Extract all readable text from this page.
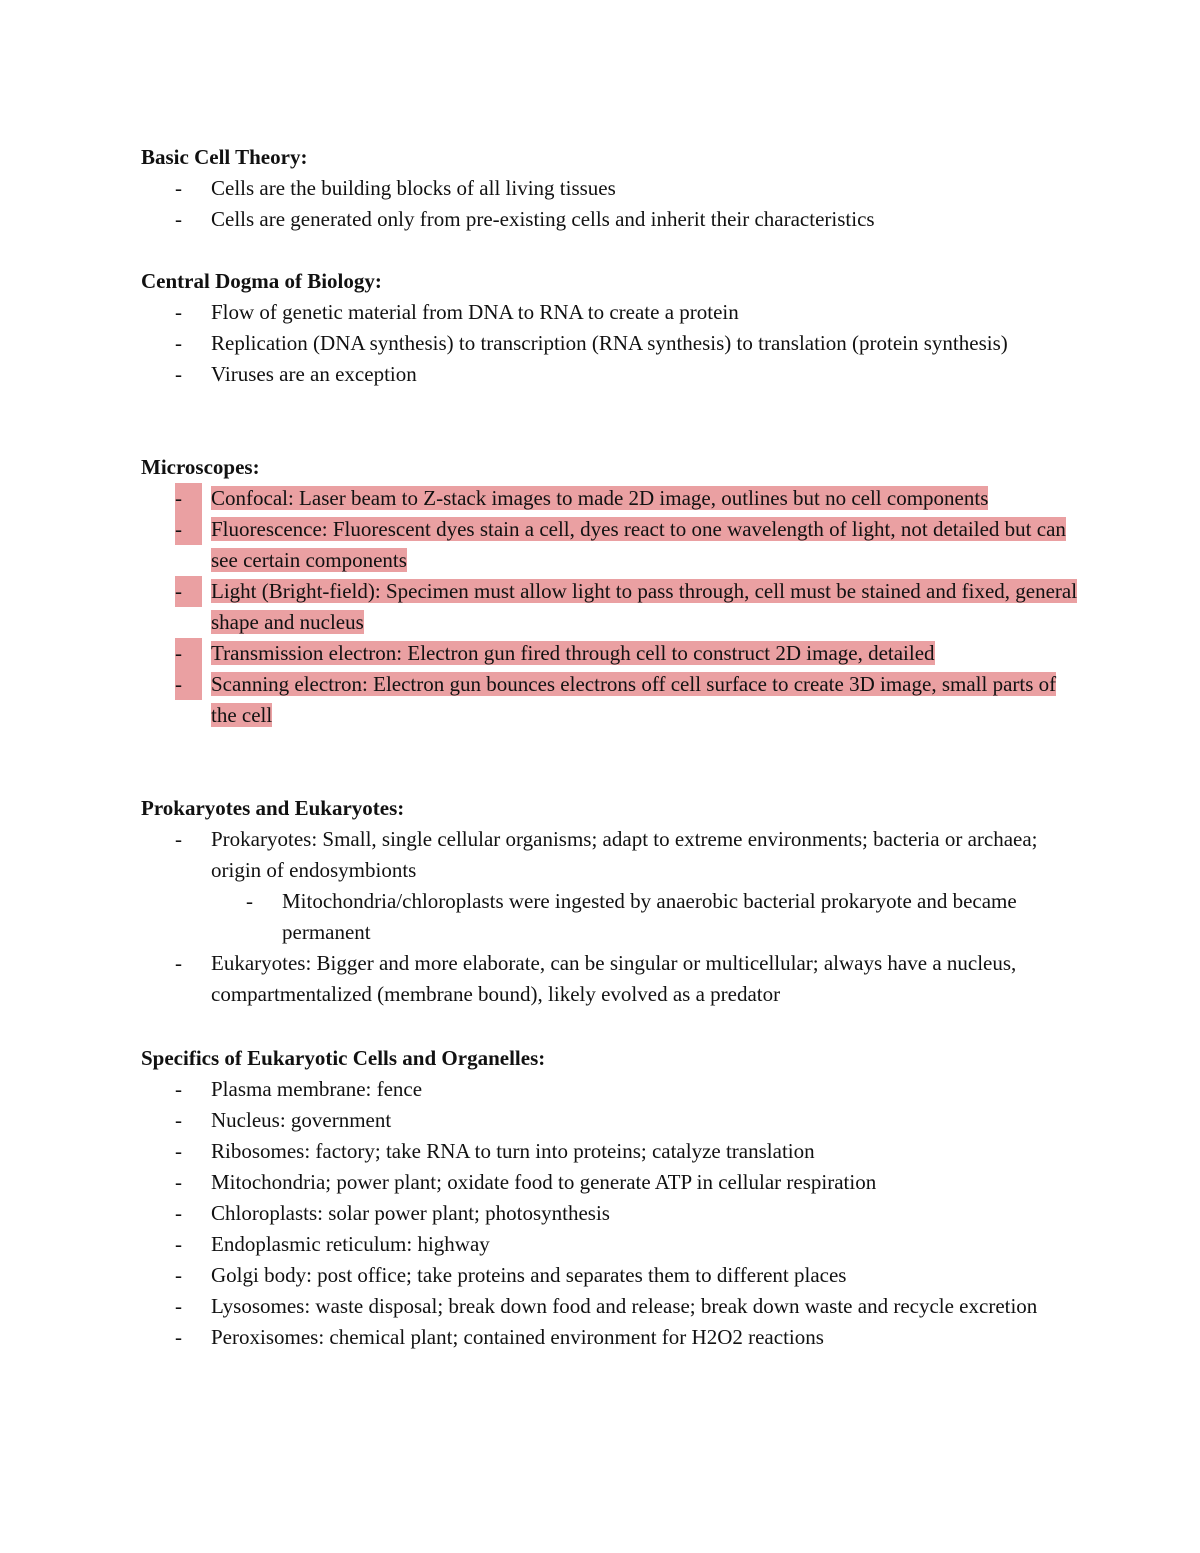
Basic Cell Theory:
- Cells are the building blocks of all living tissues
- Cells are generated only from pre-existing cells and inherit their characteristics
Central Dogma of Biology:
- Flow of genetic material from DNA to RNA to create a protein
- Replication (DNA synthesis) to transcription (RNA synthesis) to translation (protein synthesis)
- Viruses are an exception
Microscopes:
-	Confocal: Laser beam to Z-stack images to made 2D image, outlines but no cell components
-	Fluorescence: Fluorescent dyes stain a cell, dyes react to one wavelength of light, not detailed but can see certain components
-	Light (Bright-field): Specimen must allow light to pass through, cell must be stained and fixed, general shape and nucleus
-	Transmission electron: Electron gun fired through cell to construct 2D image, detailed
-	Scanning electron: Electron gun bounces electrons off cell surface to create 3D image, small parts of the cell
Prokaryotes and Eukaryotes:
- Prokaryotes: Small, single cellular organisms; adapt to extreme environments; bacteria or archaea; origin of endosymbionts
- Mitochondria/chloroplasts were ingested by anaerobic bacterial prokaryote and became permanent
- Eukaryotes: Bigger and more elaborate, can be singular or multicellular; always have a nucleus, compartmentalized (membrane bound), likely evolved as a predator
Specifics of Eukaryotic Cells and Organelles:
- Plasma membrane: fence
- Nucleus: government
- Ribosomes: factory; take RNA to turn into proteins; catalyze translation
- Mitochondria; power plant; oxidate food to generate ATP in cellular respiration
- Chloroplasts: solar power plant; photosynthesis
- Endoplasmic reticulum: highway
- Golgi body: post office; take proteins and separates them to different places
- Lysosomes: waste disposal; break down food and release; break down waste and recycle excretion
- Peroxisomes: chemical plant; contained environment for H2O2 reactions
